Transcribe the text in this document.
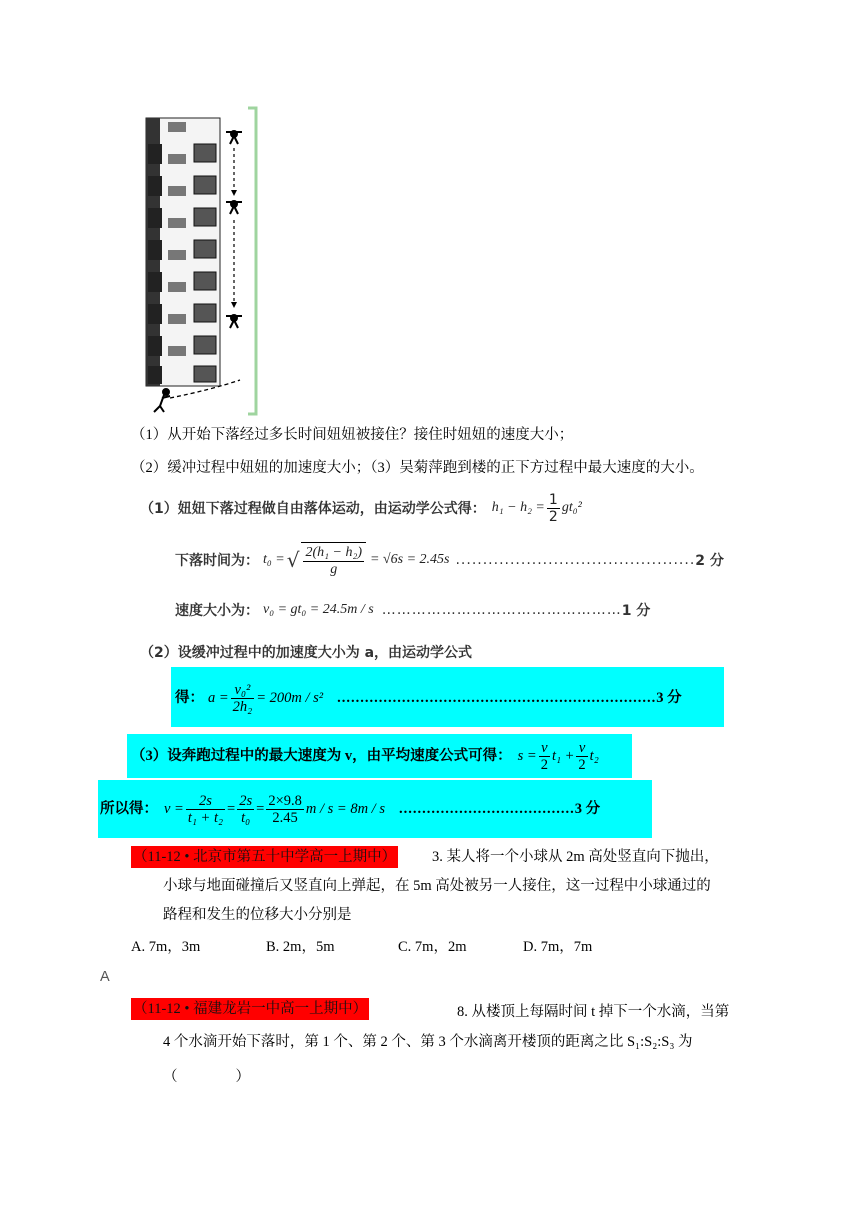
（1）从开始下落经过多长时间妞妞被接住？接住时妞妞的速度大小；
（2）缓冲过程中妞妞的加速度大小；（3）吴菊萍跑到楼的正下方过程中最大速度的大小。
（1）妞妞下落过程做自由落体运动，由运动学公式得： $h_1 - h_2 = \frac{1}{2} gt_0^2$
下落时间为： t₀ = √ $\frac{\text{2(h₁ − h₂)}}{g} = √6s = 2.45s$ ............................................ 2 分
速度大小为： v₀ = gt₀ = 24.5m / s ………………………………………… 1 分
（2）设缓冲过程中的加速度大小为 a，由运动学公式
得： $a = \frac{\text{v₀²}}{\text{2h₂}} = 200m / s^2$ ..................................................................... 3 分
（3）设奔跑过程中的最大速度为 v，由平均速度公式可得： $s = \frac{v}{2} t_1 + \frac{v}{2} t_2$
所以得： $v = \frac{2s}{\text{t₁ + t₂}} = \frac{2s}{\text{t₀}} = \frac{2\times 9.8}{2.45}$ m / s = 8m / s ...................................... 3 分
（11-12 • 北京市第五十中学高一上期中） 3. 某人将一个小球从 2m 高处竖直向下抛出，
小球与地面碰撞后又竖直向上弹起，在 5m 高处被另一人接住，这一过程中小球通过的
路程和发生的位移大小分别是
A. 7m，3m	B. 2m，5m	C. 7m，2m	D. 7m，7m
A
（11-12 • 福建龙岩一中高一上期中）	8. 从楼顶上每隔时间 t 掉下一个水滴，当第
4 个水滴开始下落时，第 1 个、第 2 个、第 3 个水滴离开楼顶的距离之比 S₁:S₂:S₃ 为
（　　　　）
